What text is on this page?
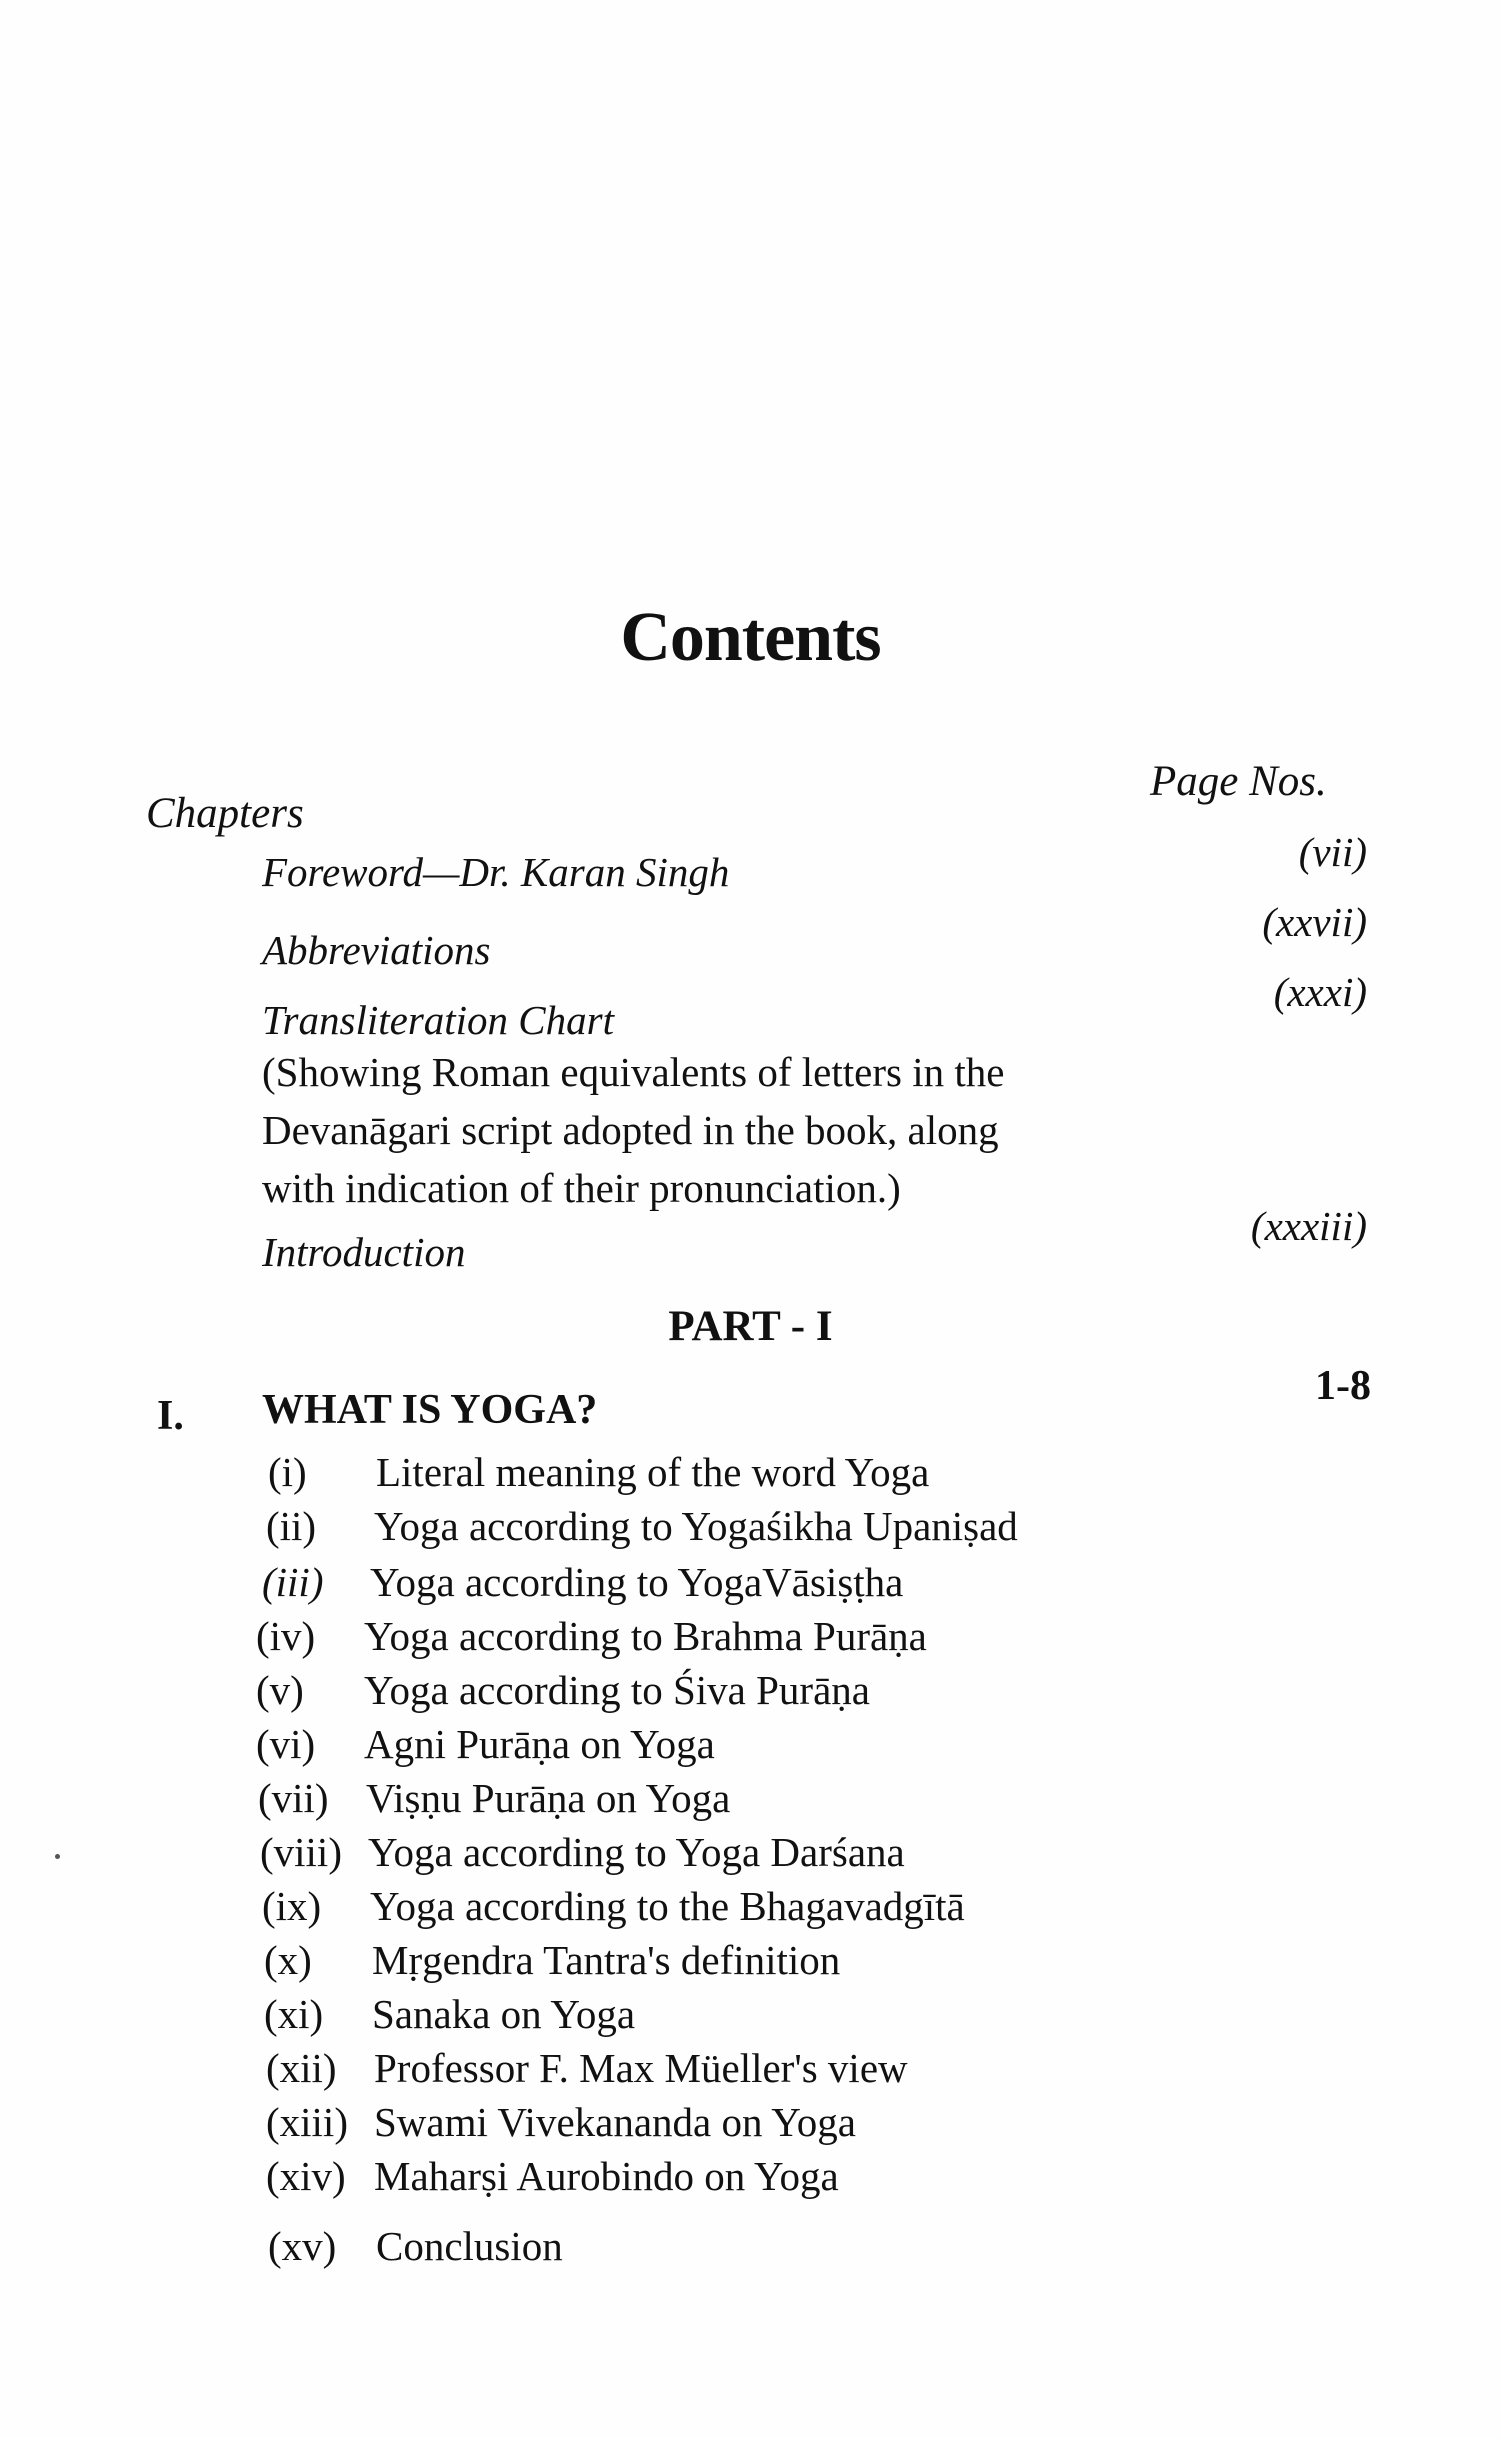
Contents
Chapters
Page Nos.
Foreword—Dr. Karan Singh	(vii)
Abbreviations
(xxvii)
Transliteration Chart
(xxxi)
(Showing Roman equivalents of letters in the
Devanāgari script adopted in the book, along
with indication of their pronunciation.)
Introduction
(xxxiii)
PART - I
I. WHAT IS YOGA?
1-8
(i) Literal meaning of the word Yoga
(ii) Yoga according to Yogaśikha Upaniṣad
(iii) Yoga according to YogaVāsiṣṭha
(iv) Yoga according to Brahma Purāṇa
(v) Yoga according to Śiva Purāṇa
(vi) Agni Purāṇa on Yoga
(vii) Viṣṇu Purāṇa on Yoga
(viii) Yoga according to Yoga Darśana
(ix) Yoga according to the Bhagavadgītā
(x) Mṛgendra Tantra's definition
(xi) Sanaka on Yoga
(xii) Professor F. Max Müeller's view
(xiii) Swami Vivekananda on Yoga
(xiv) Maharṣi Aurobindo on Yoga
(xv) Conclusion
